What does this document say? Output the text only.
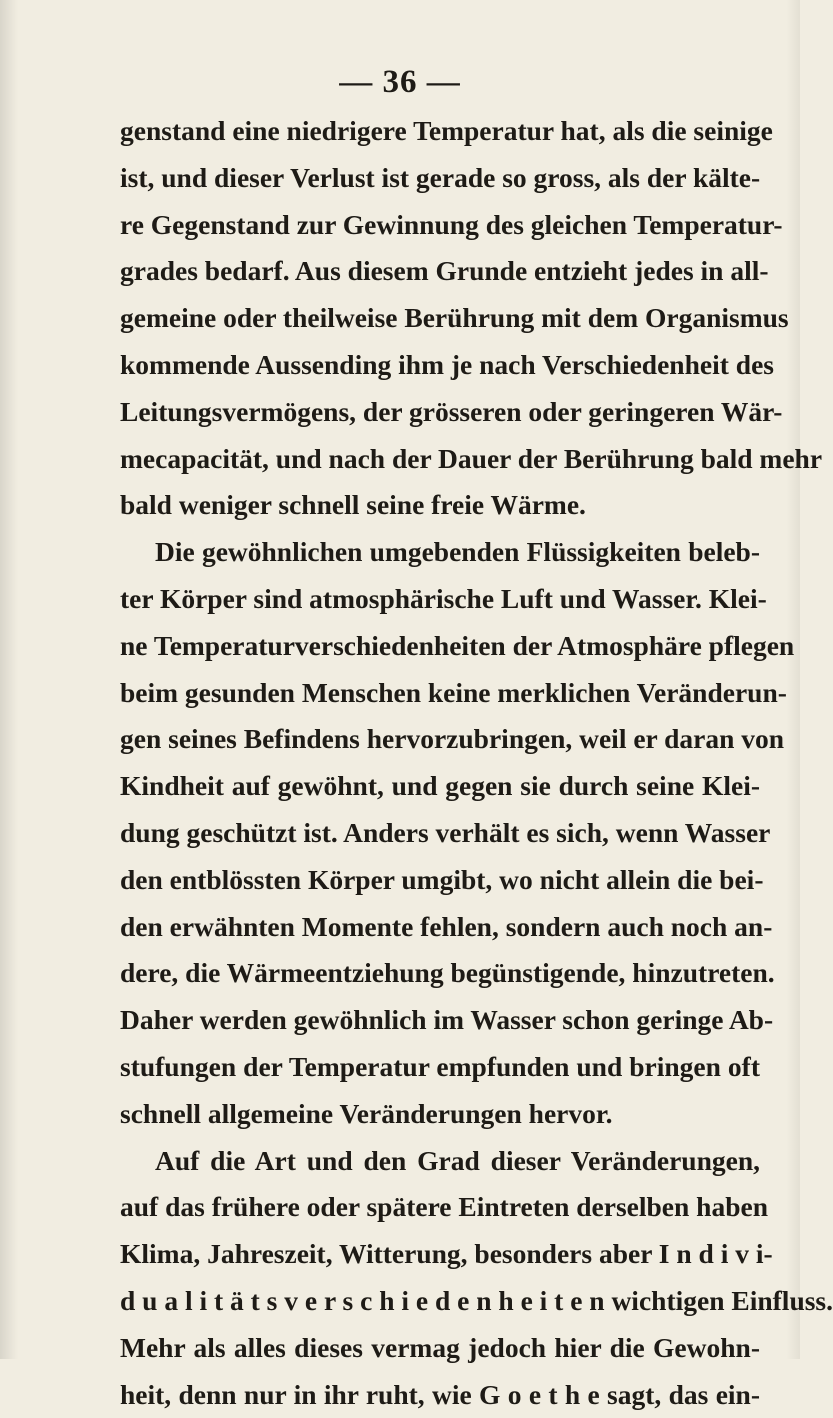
— 36 —
genstand eine niedrigere Temperatur hat, als die seinige
ist, und dieser Verlust ist gerade so gross, als der kälte-
re Gegenstand zur Gewinnung des gleichen Temperatur-
grades bedarf. Aus diesem Grunde entzieht jedes in all-
gemeine oder theilweise Berührung mit dem Organismus
kommende Aussending ihm je nach Verschiedenheit des
Leitungsvermögens, der grösseren oder geringeren Wär-
mecapacität, und nach der Dauer der Berührung bald mehr
bald weniger schnell seine freie Wärme.
Die gewöhnlichen umgebenden Flüssigkeiten beleb-
ter Körper sind atmosphärische Luft und Wasser. Klei-
ne Temperaturverschiedenheiten der Atmosphäre pflegen
beim gesunden Menschen keine merklichen Veränderun-
gen seines Befindens hervorzubringen, weil er daran von
Kindheit auf gewöhnt, und gegen sie durch seine Klei-
dung geschützt ist. Anders verhält es sich, wenn Wasser
den entblössten Körper umgibt, wo nicht allein die bei-
den erwähnten Momente fehlen, sondern auch noch an-
dere, die Wärmeentziehung begünstigende, hinzutreten.
Daher werden gewöhnlich im Wasser schon geringe Ab-
stufungen der Temperatur empfunden und bringen oft
schnell allgemeine Veränderungen hervor.
Auf die Art und den Grad dieser Veränderungen,
auf das frühere oder spätere Eintreten derselben haben
Klima, Jahreszeit, Witterung, besonders aber I n d i v i-
d u a l i t ä t s v e r s c h i e d e n h e i t e n wichtigen Einfluss.
Mehr als alles dieses vermag jedoch hier die Gewohn-
heit, denn nur in ihr ruht, wie G o e t h e sagt, das ein-
